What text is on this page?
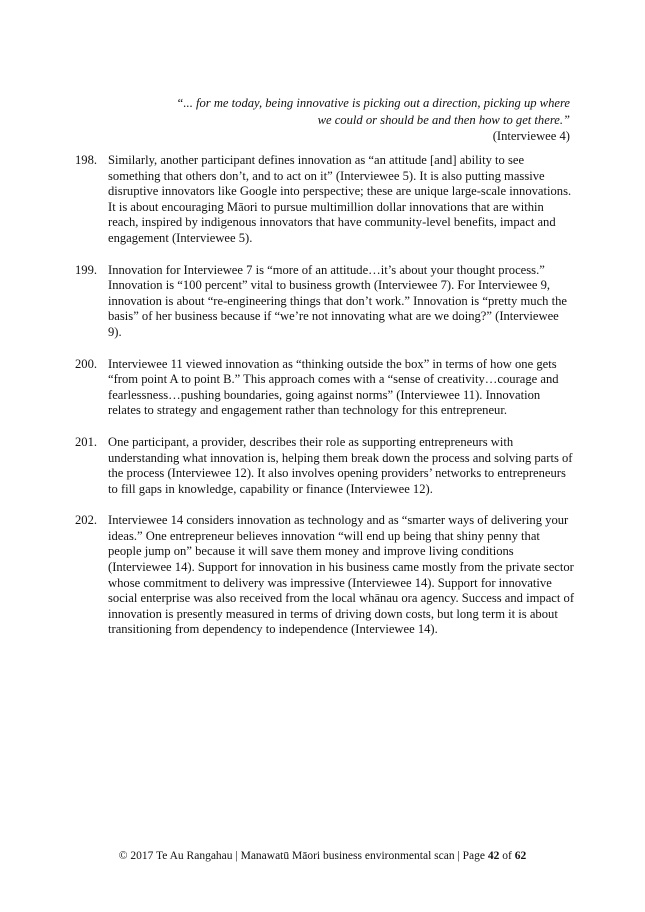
“... for me today, being innovative is picking out a direction, picking up where
we could or should be and then how to get there.”
(Interviewee 4)
198. Similarly, another participant defines innovation as “an attitude [and] ability to see something that others don’t, and to act on it” (Interviewee 5). It is also putting massive disruptive innovators like Google into perspective; these are unique large-scale innovations. It is about encouraging Māori to pursue multimillion dollar innovations that are within reach, inspired by indigenous innovators that have community-level benefits, impact and engagement (Interviewee 5).
199. Innovation for Interviewee 7 is “more of an attitude…it’s about your thought process.” Innovation is “100 percent” vital to business growth (Interviewee 7). For Interviewee 9, innovation is about “re-engineering things that don’t work.” Innovation is “pretty much the basis” of her business because if “we’re not innovating what are we doing?” (Interviewee 9).
200. Interviewee 11 viewed innovation as “thinking outside the box” in terms of how one gets “from point A to point B.” This approach comes with a “sense of creativity…courage and fearlessness…pushing boundaries, going against norms” (Interviewee 11). Innovation relates to strategy and engagement rather than technology for this entrepreneur.
201. One participant, a provider, describes their role as supporting entrepreneurs with understanding what innovation is, helping them break down the process and solving parts of the process (Interviewee 12). It also involves opening providers’ networks to entrepreneurs to fill gaps in knowledge, capability or finance (Interviewee 12).
202. Interviewee 14 considers innovation as technology and as “smarter ways of delivering your ideas.” One entrepreneur believes innovation “will end up being that shiny penny that people jump on” because it will save them money and improve living conditions (Interviewee 14). Support for innovation in his business came mostly from the private sector whose commitment to delivery was impressive (Interviewee 14). Support for innovative social enterprise was also received from the local whānau ora agency. Success and impact of innovation is presently measured in terms of driving down costs, but long term it is about transitioning from dependency to independence (Interviewee 14).
© 2017 Te Au Rangahau | Manawatū Māori business environmental scan | Page 42 of 62
